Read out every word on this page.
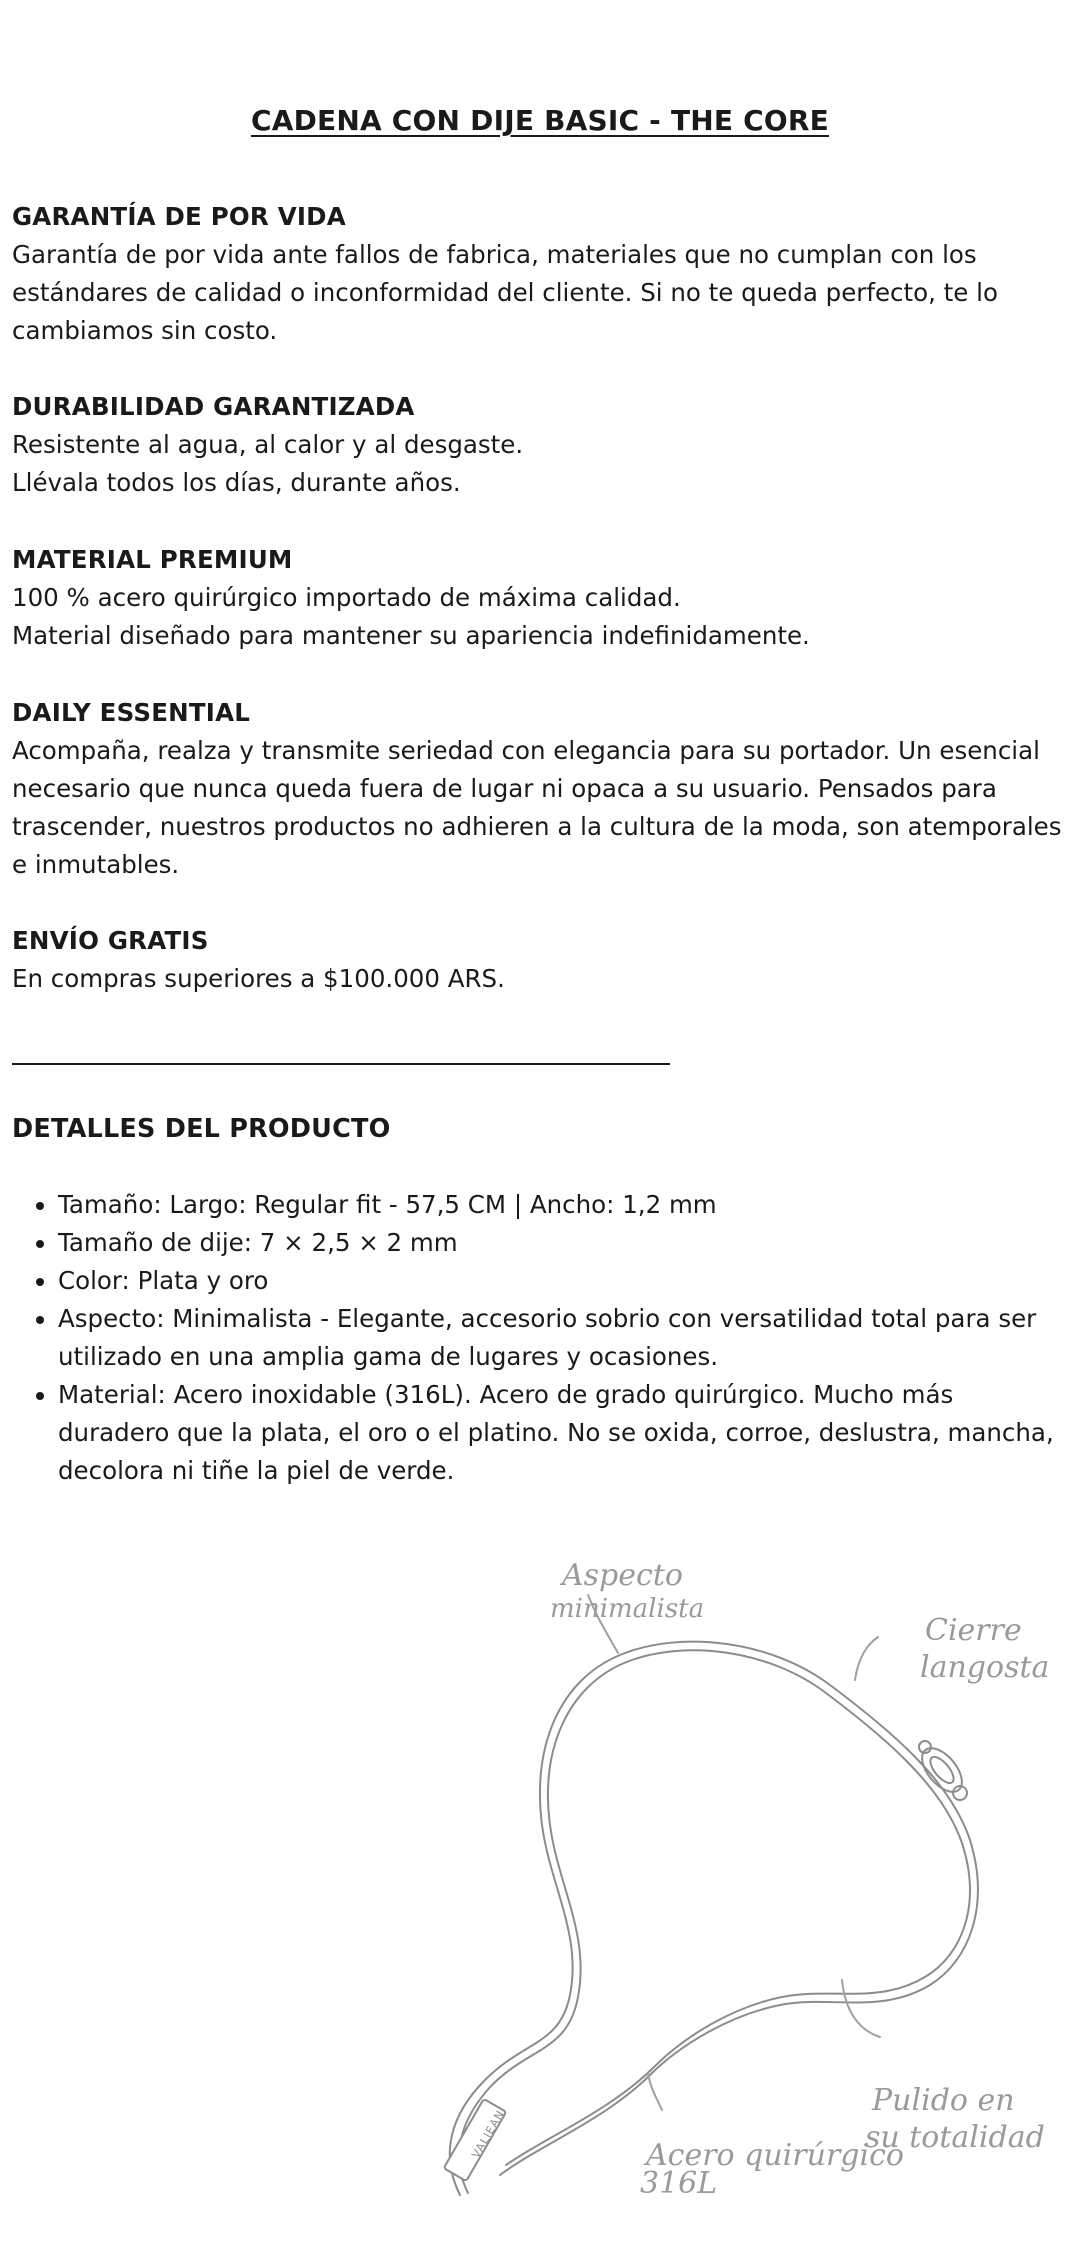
CADENA CON DIJE BASIC - THE CORE
GARANTÍA DE POR VIDA

Garantía de por vida ante fallos de fabrica, materiales que no cumplan con los estándares de calidad o inconformidad del cliente. Si no te queda perfecto, te lo cambiamos sin costo.

DURABILIDAD GARANTIZADA

Resistente al agua, al calor y al desgaste.

Llévala todos los días, durante años.

MATERIAL PREMIUM

100 % acero quirúrgico importado de máxima calidad.

Material diseñado para mantener su apariencia indefinidamente.

DAILY ESSENTIAL

Acompaña, realza y transmite seriedad con elegancia para su portador. Un esencial necesario que nunca queda fuera de lugar ni opaca a su usuario. Pensados para trascender, nuestros productos no adhieren a la cultura de la moda, son atemporales e inmutables.

ENVÍO GRATIS

En compras superiores a $100.000 ARS.

DETALLES DEL PRODUCTO
• Tamaño: Largo: Regular fit - 57,5 CM | Ancho: 1,2 mm
• Tamaño de dije: 7 × 2,5 × 2 mm
• Color: Plata y oro
• Aspecto: Minimalista - Elegante, accesorio sobrio con versatilidad total para ser utilizado en una amplia gama de lugares y ocasiones.
• Material: Acero inoxidable (316L). Acero de grado quirúrgico. Mucho más duradero que la plata, el oro o el platino. No se oxida, corroe, deslustra, mancha, decolora ni tiñe la piel de verde.
VALJEAN
Aspecto
minimalista
Cierre
langosta
Pulido en
su totalidad
Acero quirúrgico
316L
